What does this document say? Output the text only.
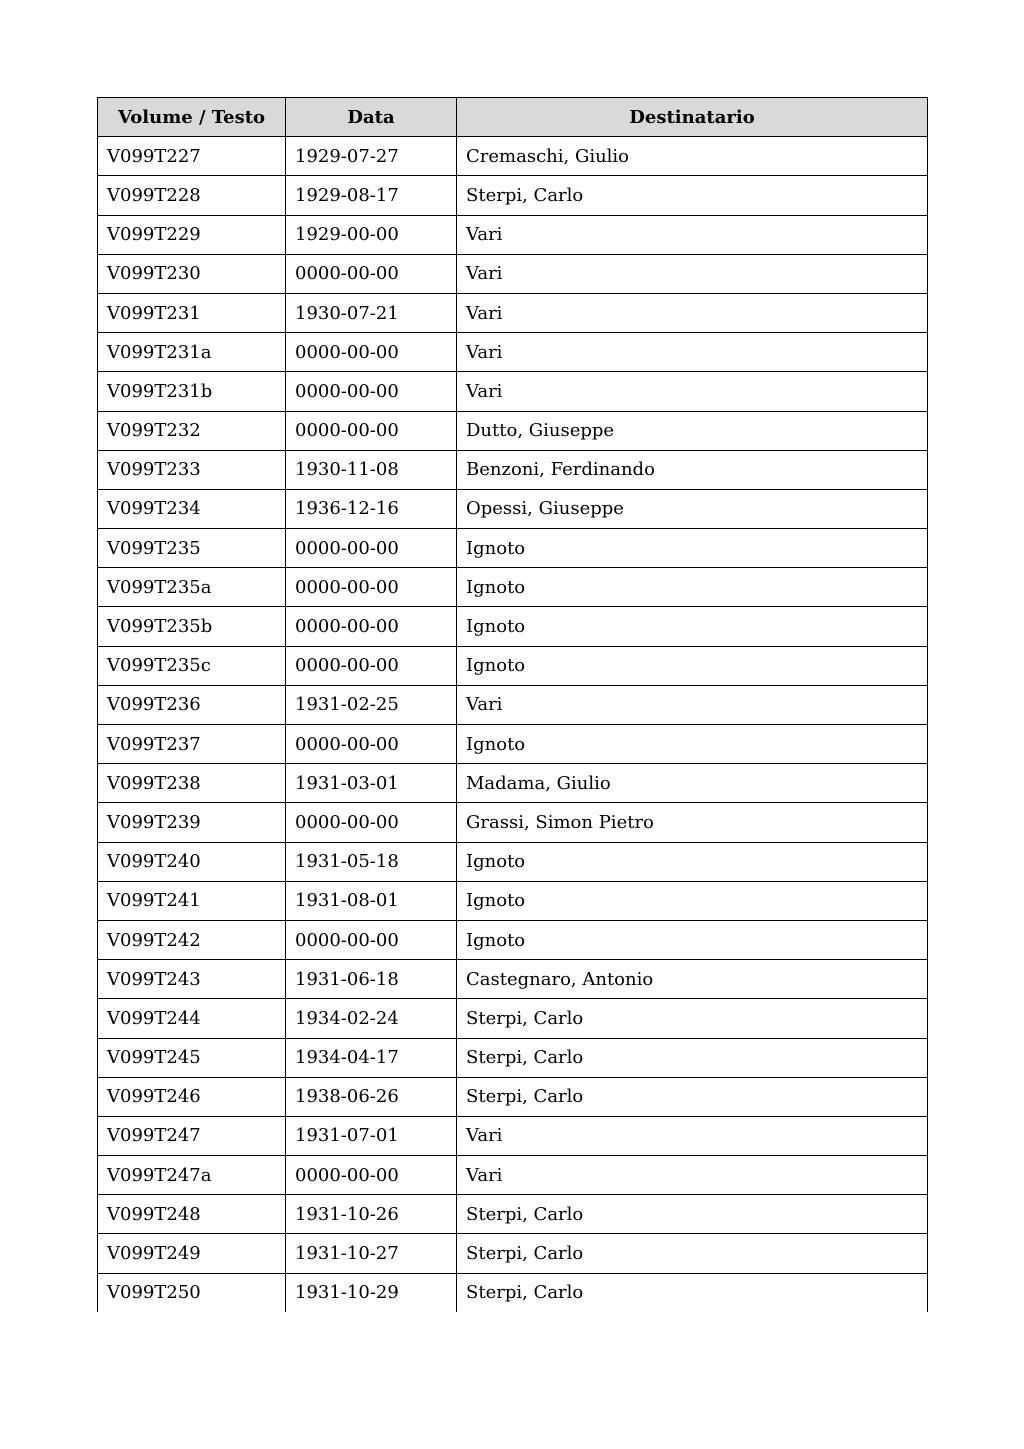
Volume / Testo	Data	Destinatario
V099T227	1929-07-27	Cremaschi, Giulio
V099T228	1929-08-17	Sterpi, Carlo
V099T229	1929-00-00	Vari
V099T230	0000-00-00	Vari
V099T231	1930-07-21	Vari
V099T231a	0000-00-00	Vari
V099T231b	0000-00-00	Vari
V099T232	0000-00-00	Dutto, Giuseppe
V099T233	1930-11-08	Benzoni, Ferdinando
V099T234	1936-12-16	Opessi, Giuseppe
V099T235	0000-00-00	Ignoto
V099T235a	0000-00-00	Ignoto
V099T235b	0000-00-00	Ignoto
V099T235c	0000-00-00	Ignoto
V099T236	1931-02-25	Vari
V099T237	0000-00-00	Ignoto
V099T238	1931-03-01	Madama, Giulio
V099T239	0000-00-00	Grassi, Simon Pietro
V099T240	1931-05-18	Ignoto
V099T241	1931-08-01	Ignoto
V099T242	0000-00-00	Ignoto
V099T243	1931-06-18	Castegnaro, Antonio
V099T244	1934-02-24	Sterpi, Carlo
V099T245	1934-04-17	Sterpi, Carlo
V099T246	1938-06-26	Sterpi, Carlo
V099T247	1931-07-01	Vari
V099T247a	0000-00-00	Vari
V099T248	1931-10-26	Sterpi, Carlo
V099T249	1931-10-27	Sterpi, Carlo
V099T250	1931-10-29	Sterpi, Carlo
